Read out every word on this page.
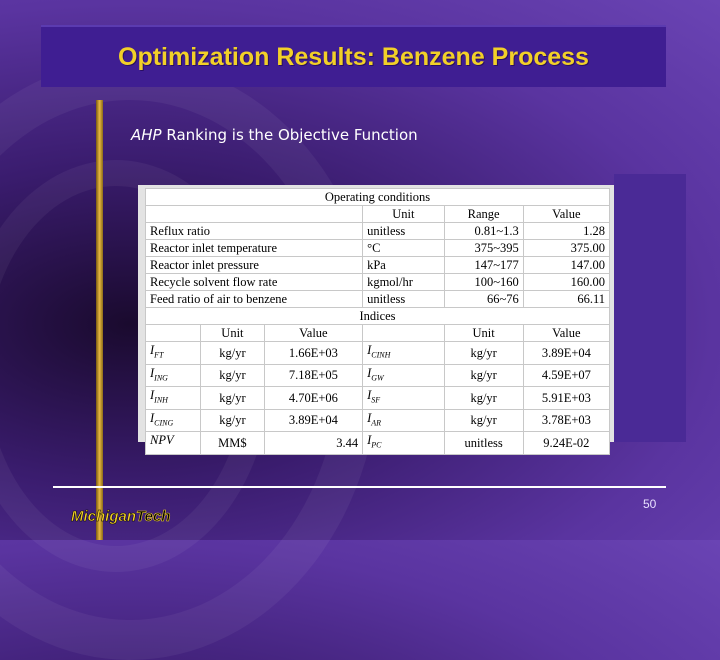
Optimization Results: Benzene Process
AHP Ranking is the Objective Function
Operating conditions					
			Unit	Range	Value
Reflux ratio			unitless	0.81~1.3	1.28
Reactor inlet temperature			°C	375~395	375.00
Reactor inlet pressure			kPa	147~177	147.00
Recycle solvent flow rate			kgmol/hr	100~160	160.00
Feed ratio of air to benzene			unitless	66~76	66.11
Indices					
	Unit	Value		Unit	Value
$I_{FT}$	kg/yr	1.66E+03	$I_{CINH}$	kg/yr	3.89E+04
$I_{ING}$	kg/yr	7.18E+05	$I_{GW}$	kg/yr	4.59E+07
$I_{INH}$	kg/yr	4.70E+06	$I_{SF}$	kg/yr	5.91E+03
$I_{CING}$	kg/yr	3.89E+04	$I_{AR}$	kg/yr	3.78E+03
NPV	MM$	3.44	$I_{PC}$	unitless	9.24E-02
50
MichiganTech
